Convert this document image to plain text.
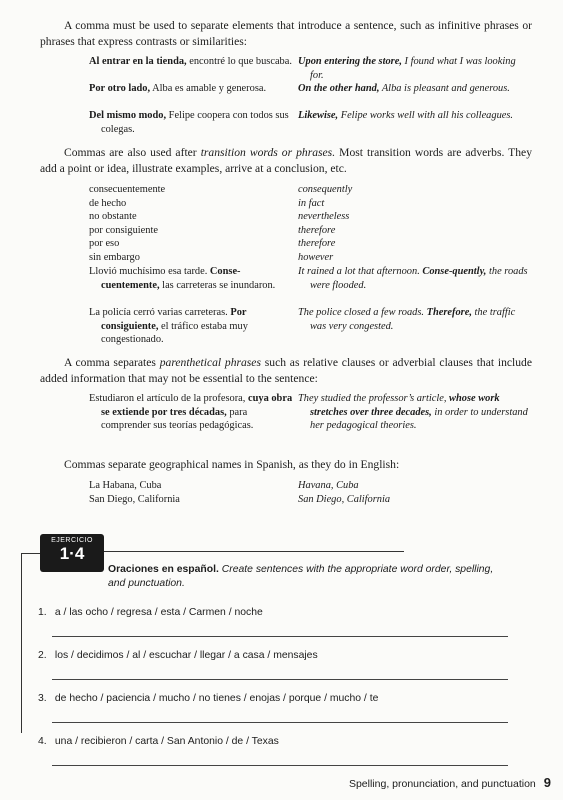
A comma must be used to separate elements that introduce a sentence, such as infinitive phrases or phrases that express contrasts or similarities:
Al entrar en la tienda, encontré lo que buscaba. Upon entering the store, I found what I was looking for.
Por otro lado, Alba es amable y generosa.	On the other hand, Alba is pleasant and generous.
Del mismo modo, Felipe coopera con todos sus colegas.
Likewise, Felipe works well with all his colleagues.
Commas are also used after transition words or phrases. Most transition words are adverbs. They add a point or idea, illustrate examples, arrive at a conclusion, etc.
consecuentemente
de hecho
no obstante
por consiguiente
por eso
sin embargo
consequently
in fact
nevertheless
therefore
therefore
however
Llovió muchísimo esa tarde. Conse-cuentemente, las carreteras se inundaron.
It rained a lot that afternoon. Conse-quently, the roads were flooded.
La policía cerró varias carreteras. Por consiguiente, el tráfico estaba muy congestionado.
The police closed a few roads. Therefore, the traffic was very congested.
A comma separates parenthetical phrases such as relative clauses or adverbial clauses that include added information that may not be essential to the sentence:
Estudiaron el artículo de la profesora, cuya obra se extiende por tres décadas, para comprender sus teorías pedagógicas.
They studied the professor’s article, whose work stretches over three decades, in order to understand her pedagogical theories.
Commas separate geographical names in Spanish, as they do in English:
La Habana, Cuba
San Diego, California
Havana, Cuba
San Diego, California
EJERCICIO
1·4
Oraciones en español. Create sentences with the appropriate word order, spelling, and punctuation.
1. a / las ocho / regresa / esta / Carmen / noche
2. los / decidimos / al / escuchar / llegar / a casa / mensajes
3. de hecho / paciencia / mucho / no tienes / enojas / porque / mucho / te
4. una / recibieron / carta / San Antonio / de / Texas
Spelling, pronunciation, and punctuation 9
